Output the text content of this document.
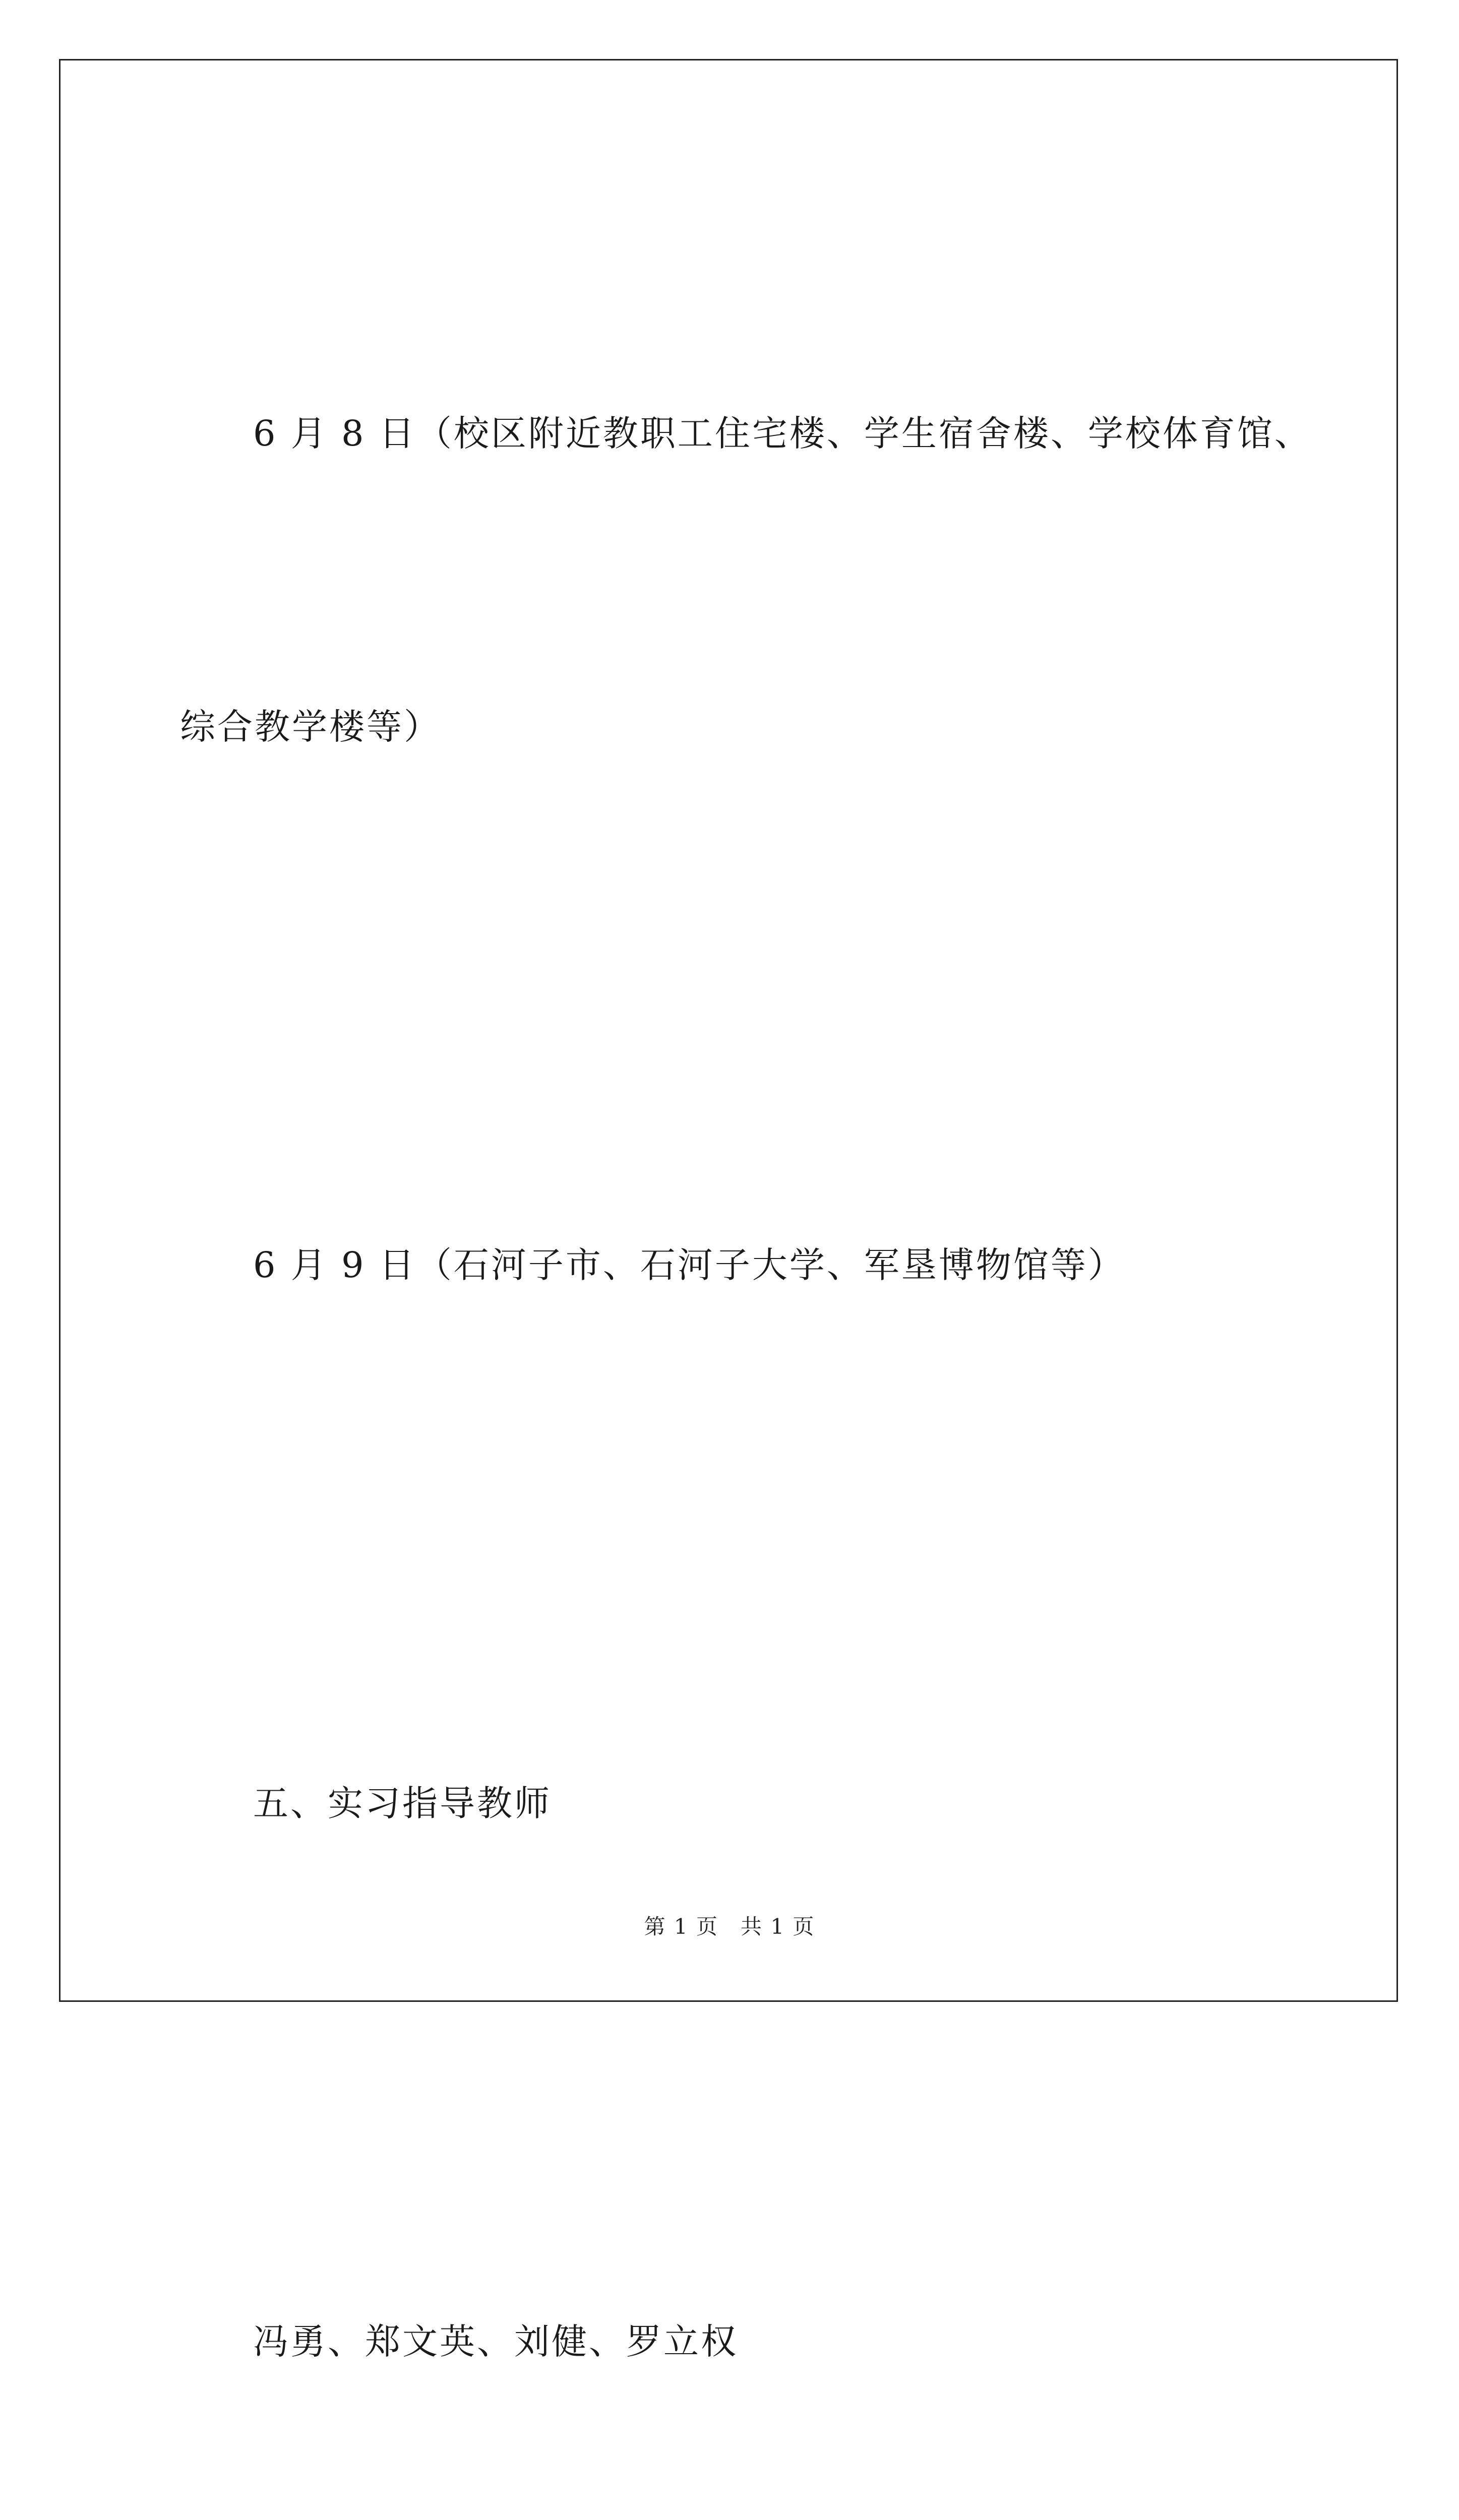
6 月 8 日（校区附近教职工住宅楼、学生宿舍楼、学校体育馆、

综合教学楼等）

6 月 9 日（石河子市、石河子大学、军垦博物馆等）

五、实习指导教师

冯勇、郑文英、刘健、罗立权

第 1 页　共 1 页
